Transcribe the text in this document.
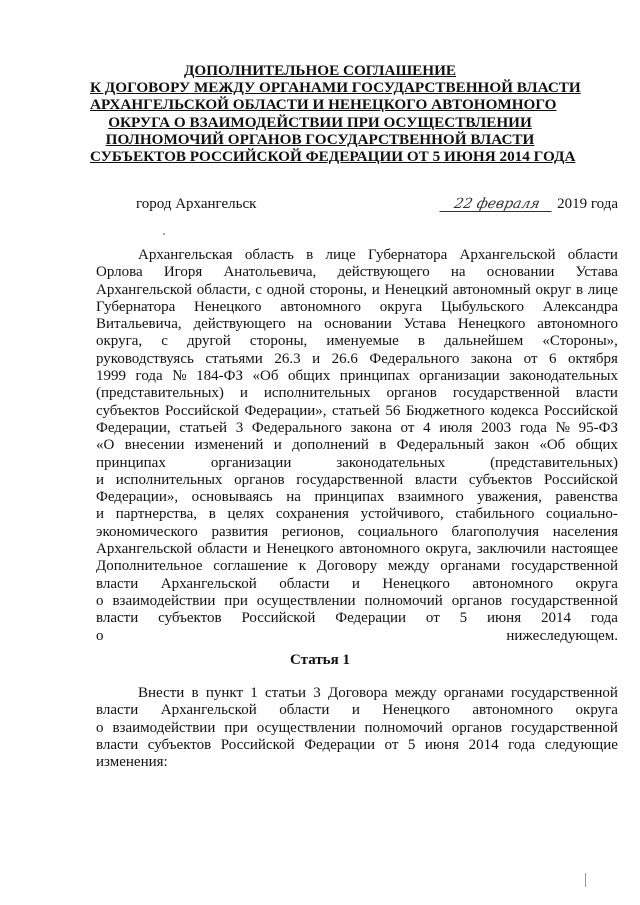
ДОПОЛНИТЕЛЬНОЕ СОГЛАШЕНИЕ
К ДОГОВОРУ МЕЖДУ ОРГАНАМИ ГОСУДАРСТВЕННОЙ ВЛАСТИ
АРХАНГЕЛЬСКОЙ ОБЛАСТИ И НЕНЕЦКОГО АВТОНОМНОГО
ОКРУГА О ВЗАИМОДЕЙСТВИИ ПРИ ОСУЩЕСТВЛЕНИИ
ПОЛНОМОЧИЙ ОРГАНОВ ГОСУДАРСТВЕННОЙ ВЛАСТИ
СУБЪЕКТОВ РОССИЙСКОЙ ФЕДЕРАЦИИ ОТ 5 ИЮНЯ 2014 ГОДА
город Архангельск	22 февраля 2019 года
Архангельская область в лице Губернатора Архангельской области
Орлова Игоря Анатольевича, действующего на основании Устава
Архангельской области, с одной стороны, и Ненецкий автономный округ в лице
Губернатора Ненецкого автономного округа Цыбульского Александра
Витальевича, действующего на основании Устава Ненецкого автономного
округа, с другой стороны, именуемые в дальнейшем «Стороны»,
руководствуясь статьями 26.3 и 26.6 Федерального закона от 6 октября
1999 года № 184-ФЗ «Об общих принципах организации законодательных
(представительных) и исполнительных органов государственной власти
субъектов Российской Федерации», статьей 56 Бюджетного кодекса Российской
Федерации, статьей 3 Федерального закона от 4 июля 2003 года № 95-ФЗ
«О внесении изменений и дополнений в Федеральный закон «Об общих
принципах	организации	законодательных	(представительных)
и исполнительных органов государственной власти субъектов Российской
Федерации», основываясь на принципах взаимного уважения, равенства
и партнерства, в целях сохранения устойчивого, стабильного социально-
экономического развития регионов, социального благополучия населения
Архангельской области и Ненецкого автономного округа, заключили настоящее
Дополнительное соглашение к Договору между органами государственной
власти Архангельской области и Ненецкого автономного округа
о взаимодействии при осуществлении полномочий органов государственной
власти субъектов Российской Федерации от 5 июня 2014 года
о нижеследующем.
Статья 1
Внести в пункт 1 статьи 3 Договора между органами государственной
власти Архангельской области и Ненецкого автономного округа
о взаимодействии при осуществлении полномочий органов государственной
власти субъектов Российской Федерации от 5 июня 2014 года следующие
изменения:
